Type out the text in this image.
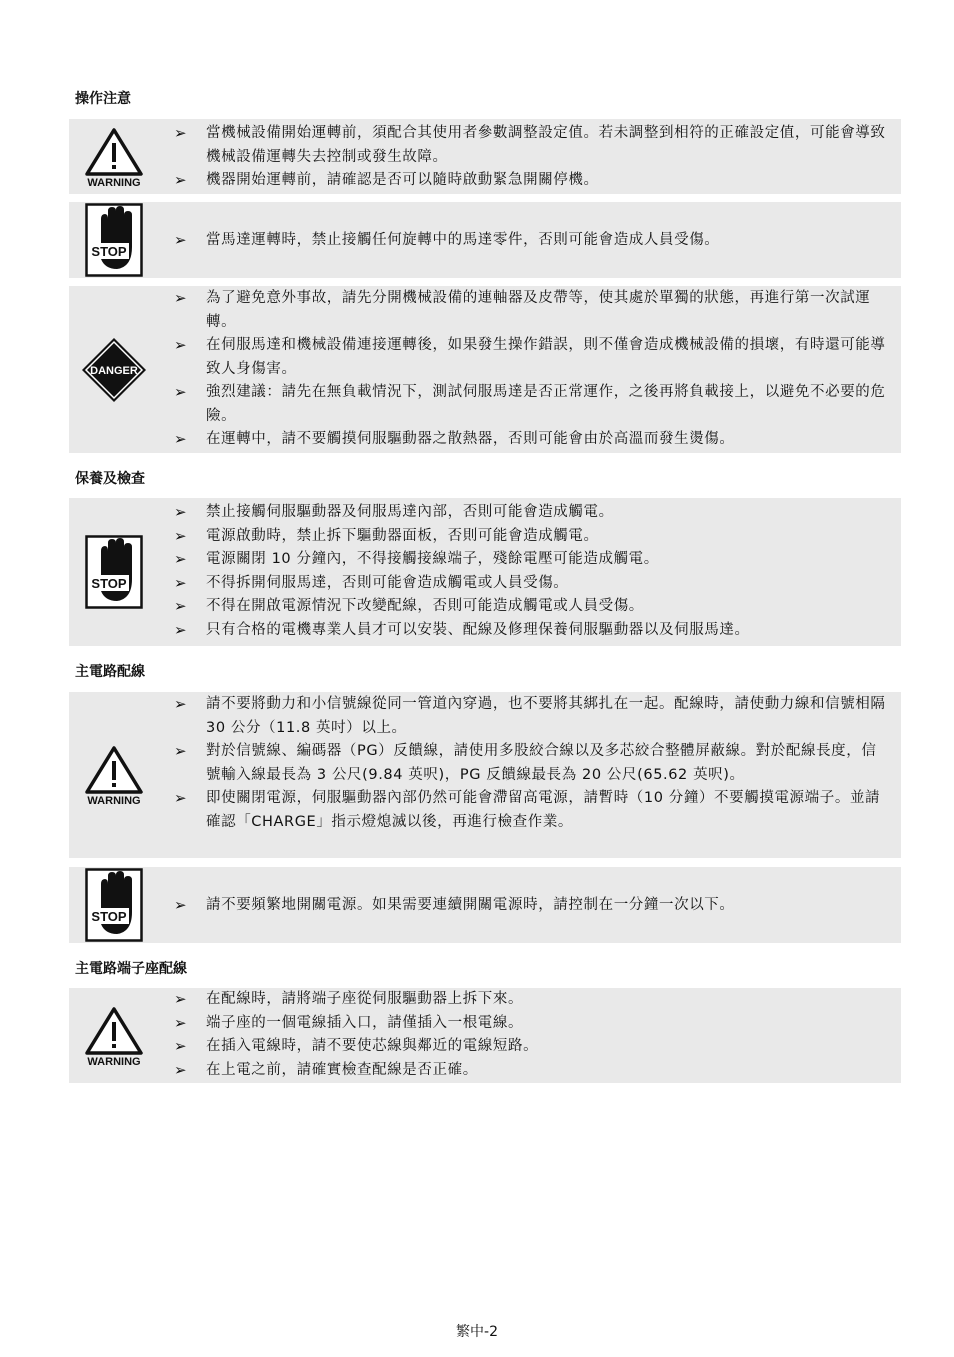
操作注意
WARNING
➢ 當機械設備開始運轉前，須配合其使用者參數調整設定值。若未調整到相符的正確設定值，可能會導致機械設備運轉失去控制或發生故障。
➢ 機器開始運轉前，請確認是否可以隨時啟動緊急開關停機。
STOP
➢ 當馬達運轉時，禁止接觸任何旋轉中的馬達零件，否則可能會造成人員受傷。
DANGER
➢ 為了避免意外事故，請先分開機械設備的連軸器及皮帶等，使其處於單獨的狀態，再進行第一次試運轉。
➢ 在伺服馬達和機械設備連接運轉後，如果發生操作錯誤，則不僅會造成機械設備的損壞，有時還可能導致人身傷害。
➢ 強烈建議：請先在無負載情況下，測試伺服馬達是否正常運作，之後再將負載接上，以避免不必要的危險。
➢ 在運轉中，請不要觸摸伺服驅動器之散熱器，否則可能會由於高溫而發生燙傷。
保養及檢查
STOP
➢ 禁止接觸伺服驅動器及伺服馬達內部，否則可能會造成觸電。
➢ 電源啟動時，禁止拆下驅動器面板，否則可能會造成觸電。
➢ 電源關閉 10 分鐘內，不得接觸接線端子，殘餘電壓可能造成觸電。
➢ 不得拆開伺服馬達，否則可能會造成觸電或人員受傷。
➢ 不得在開啟電源情況下改變配線，否則可能造成觸電或人員受傷。
➢ 只有合格的電機專業人員才可以安裝、配線及修理保養伺服驅動器以及伺服馬達。
主電路配線
WARNING
➢ 請不要將動力和小信號線從同一管道內穿過，也不要將其綁扎在一起。配線時，請使動力線和信號相隔 30 公分（11.8 英吋）以上。
➢ 對於信號線、編碼器（PG）反饋線，請使用多股絞合線以及多芯絞合整體屏蔽線。對於配線長度，信號輸入線最長為 3 公尺(9.84 英呎)，PG 反饋線最長為 20 公尺(65.62 英呎)。
➢ 即使關閉電源，伺服驅動器內部仍然可能會滯留高電源，請暫時（10 分鐘）不要觸摸電源端子。並請確認「CHARGE」指示燈熄滅以後，再進行檢查作業。
STOP
➢ 請不要頻繁地開關電源。如果需要連續開關電源時，請控制在一分鐘一次以下。
主電路端子座配線
WARNING
➢ 在配線時，請將端子座從伺服驅動器上拆下來。
➢ 端子座的一個電線插入口，請僅插入一根電線。
➢ 在插入電線時，請不要使芯線與鄰近的電線短路。
➢ 在上電之前，請確實檢查配線是否正確。
繁中-2
